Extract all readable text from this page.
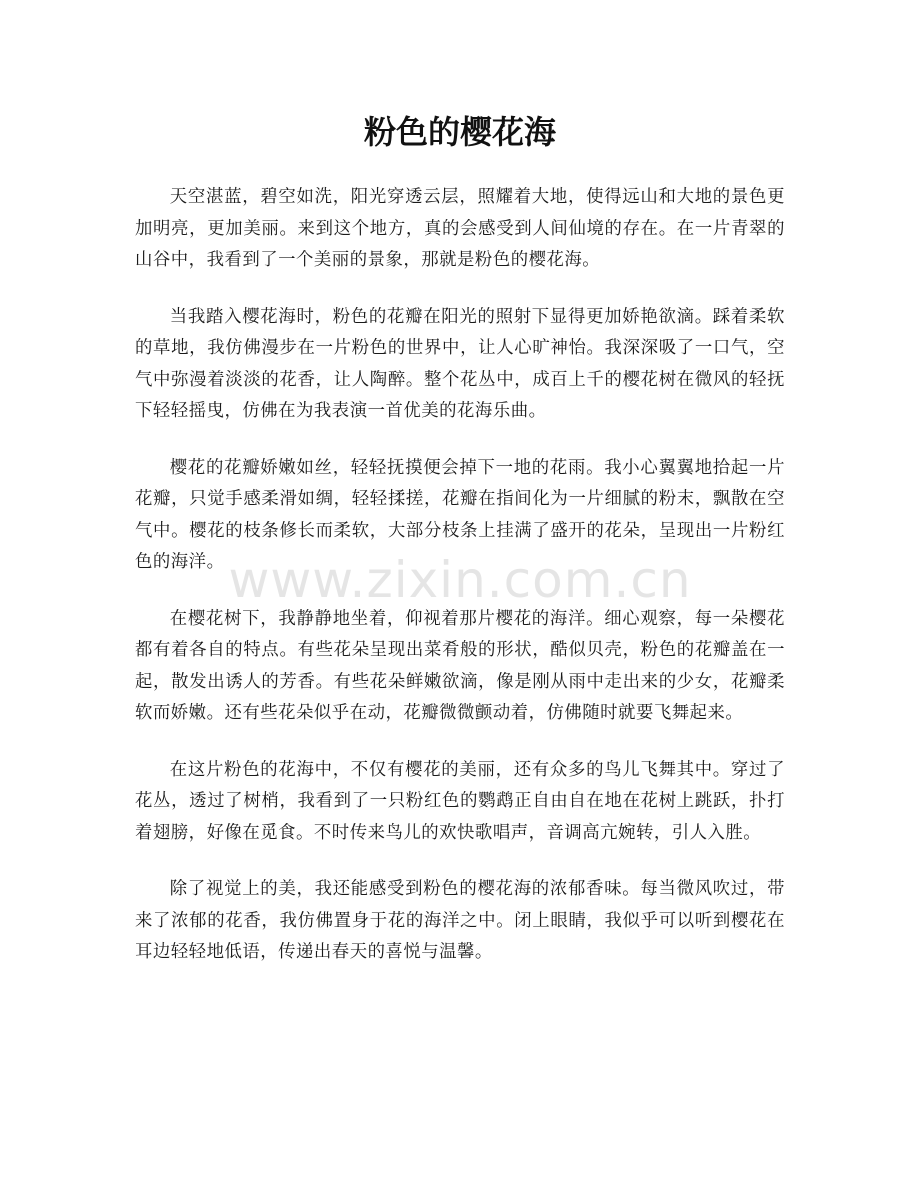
粉色的樱花海

天空湛蓝，碧空如洗，阳光穿透云层，照耀着大地，使得远山和大地的景色更加明亮，更加美丽。来到这个地方，真的会感受到人间仙境的存在。在一片青翠的山谷中，我看到了一个美丽的景象，那就是粉色的樱花海。

当我踏入樱花海时，粉色的花瓣在阳光的照射下显得更加娇艳欲滴。踩着柔软的草地，我仿佛漫步在一片粉色的世界中，让人心旷神怡。我深深吸了一口气，空气中弥漫着淡淡的花香，让人陶醉。整个花丛中，成百上千的樱花树在微风的轻抚下轻轻摇曳，仿佛在为我表演一首优美的花海乐曲。

樱花的花瓣娇嫩如丝，轻轻抚摸便会掉下一地的花雨。我小心翼翼地拾起一片花瓣，只觉手感柔滑如绸，轻轻揉搓，花瓣在指间化为一片细腻的粉末，飘散在空气中。樱花的枝条修长而柔软，大部分枝条上挂满了盛开的花朵，呈现出一片粉红色的海洋。

在樱花树下，我静静地坐着，仰视着那片樱花的海洋。细心观察，每一朵樱花都有着各自的特点。有些花朵呈现出菜肴般的形状，酷似贝壳，粉色的花瓣盖在一起，散发出诱人的芳香。有些花朵鲜嫩欲滴，像是刚从雨中走出来的少女，花瓣柔软而娇嫩。还有些花朵似乎在动，花瓣微微颤动着，仿佛随时就要飞舞起来。

在这片粉色的花海中，不仅有樱花的美丽，还有众多的鸟儿飞舞其中。穿过了花丛，透过了树梢，我看到了一只粉红色的鹦鹉正自由自在地在花树上跳跃，扑打着翅膀，好像在觅食。不时传来鸟儿的欢快歌唱声，音调高亢婉转，引人入胜。

除了视觉上的美，我还能感受到粉色的樱花海的浓郁香味。每当微风吹过，带来了浓郁的花香，我仿佛置身于花的海洋之中。闭上眼睛，我似乎可以听到樱花在耳边轻轻地低语，传递出春天的喜悦与温馨。

www.zixin.com.cn
